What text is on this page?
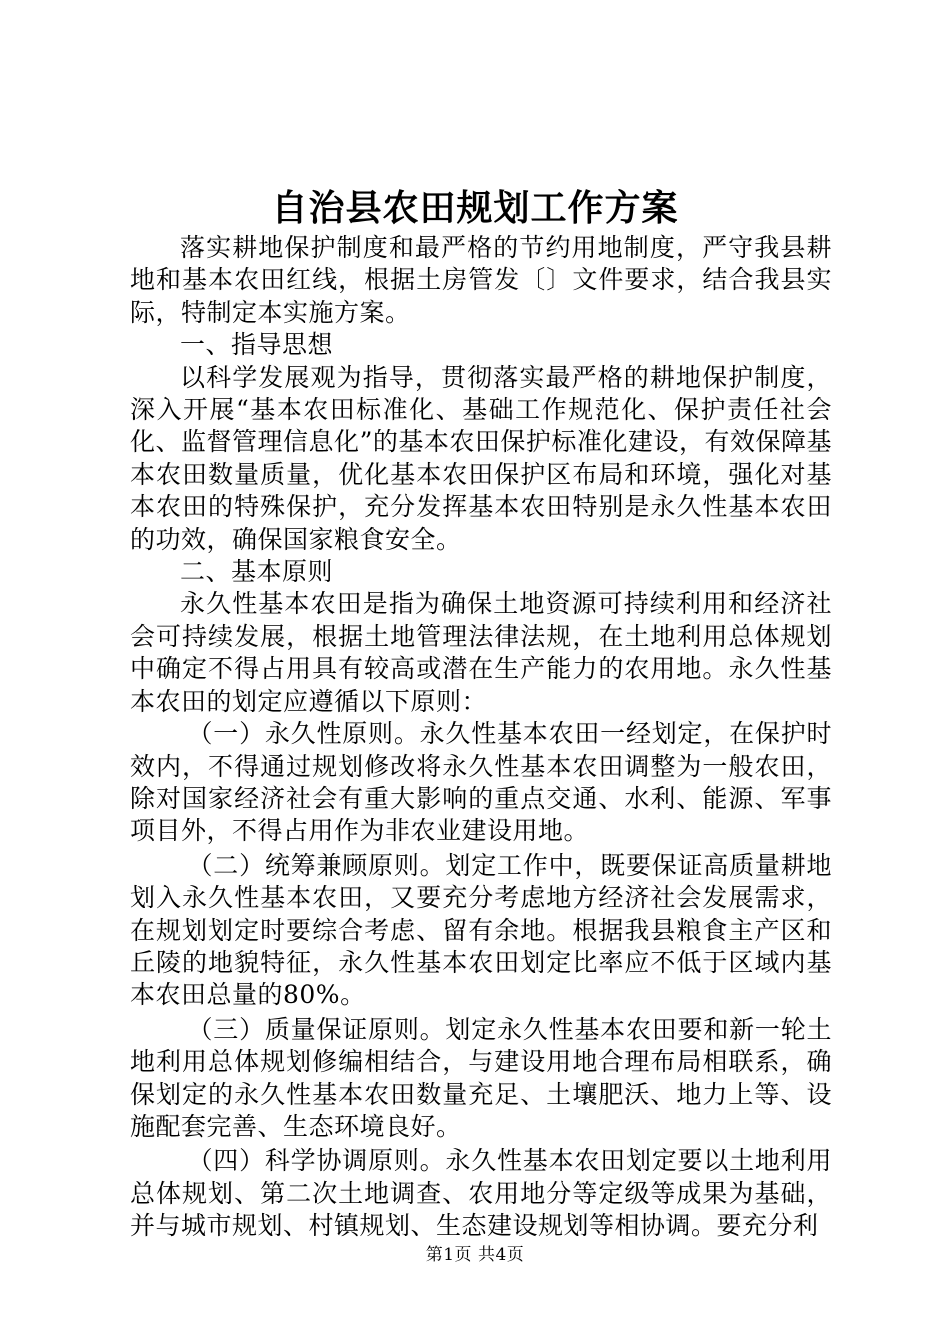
自治县农田规划工作方案

落实耕地保护制度和最严格的节约用地制度，严守我县耕地和基本农田红线，根据土房管发〔〕文件要求，结合我县实际，特制定本实施方案。

一、指导思想

以科学发展观为指导，贯彻落实最严格的耕地保护制度，深入开展“基本农田标准化、基础工作规范化、保护责任社会化、监督管理信息化”的基本农田保护标准化建设，有效保障基本农田数量质量，优化基本农田保护区布局和环境，强化对基本农田的特殊保护，充分发挥基本农田特别是永久性基本农田的功效，确保国家粮食安全。

二、基本原则

永久性基本农田是指为确保土地资源可持续利用和经济社会可持续发展，根据土地管理法律法规，在土地利用总体规划中确定不得占用具有较高或潜在生产能力的农用地。永久性基本农田的划定应遵循以下原则：

（一）永久性原则。永久性基本农田一经划定，在保护时效内，不得通过规划修改将永久性基本农田调整为一般农田，除对国家经济社会有重大影响的重点交通、水利、能源、军事项目外，不得占用作为非农业建设用地。

（二）统筹兼顾原则。划定工作中，既要保证高质量耕地划入永久性基本农田，又要充分考虑地方经济社会发展需求，在规划划定时要综合考虑、留有余地。根据我县粮食主产区和丘陵的地貌特征，永久性基本农田划定比率应不低于区域内基本农田总量的80%。

（三）质量保证原则。划定永久性基本农田要和新一轮土地利用总体规划修编相结合，与建设用地合理布局相联系，确保划定的永久性基本农田数量充足、土壤肥沃、地力上等、设施配套完善、生态环境良好。

（四）科学协调原则。永久性基本农田划定要以土地利用总体规划、第二次土地调查、农用地分等定级等成果为基础，并与城市规划、村镇规划、生态建设规划等相协调。要充分利

第1页 共4页
